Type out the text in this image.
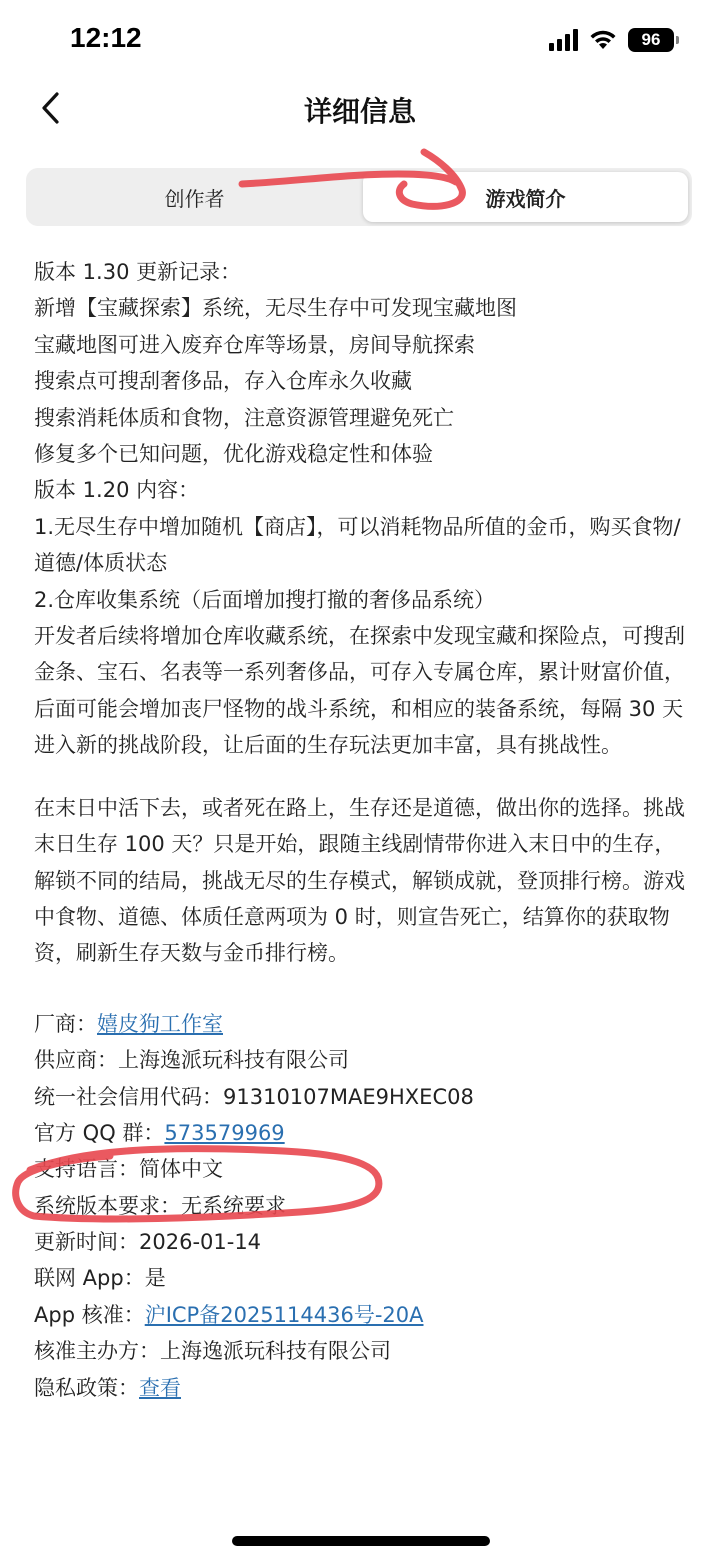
12:12	96
详细信息
创作者	游戏简介
版本 1.30 更新记录：
新增【宝藏探索】系统，无尽生存中可发现宝藏地图
宝藏地图可进入废弃仓库等场景，房间导航探索
搜索点可搜刮奢侈品，存入仓库永久收藏
搜索消耗体质和食物，注意资源管理避免死亡
修复多个已知问题，优化游戏稳定性和体验
版本 1.20 内容：
1.无尽生存中增加随机【商店】，可以消耗物品所值的金币，购买食物/道德/体质状态
2.仓库收集系统（后面增加搜打撤的奢侈品系统）
开发者后续将增加仓库收藏系统，在探索中发现宝藏和探险点，可搜刮金条、宝石、名表等一系列奢侈品，可存入专属仓库，累计财富价值，后面可能会增加丧尸怪物的战斗系统，和相应的装备系统，每隔 30 天进入新的挑战阶段，让后面的生存玩法更加丰富，具有挑战性。
在末日中活下去，或者死在路上，生存还是道德，做出你的选择。挑战末日生存 100 天？只是开始，跟随主线剧情带你进入末日中的生存，解锁不同的结局，挑战无尽的生存模式，解锁成就，登顶排行榜。游戏中食物、道德、体质任意两项为 0 时，则宣告死亡，结算你的获取物资，刷新生存天数与金币排行榜。
厂商：嬉皮狗工作室
供应商：上海逸派玩科技有限公司
统一社会信用代码：91310107MAE9HXEC08
官方 QQ 群：573579969
支持语言：简体中文
系统版本要求：无系统要求
更新时间：2026-01-14
联网 App：是
App 核准：沪ICP备2025114436号-20A
核准主办方：上海逸派玩科技有限公司
隐私政策：查看
